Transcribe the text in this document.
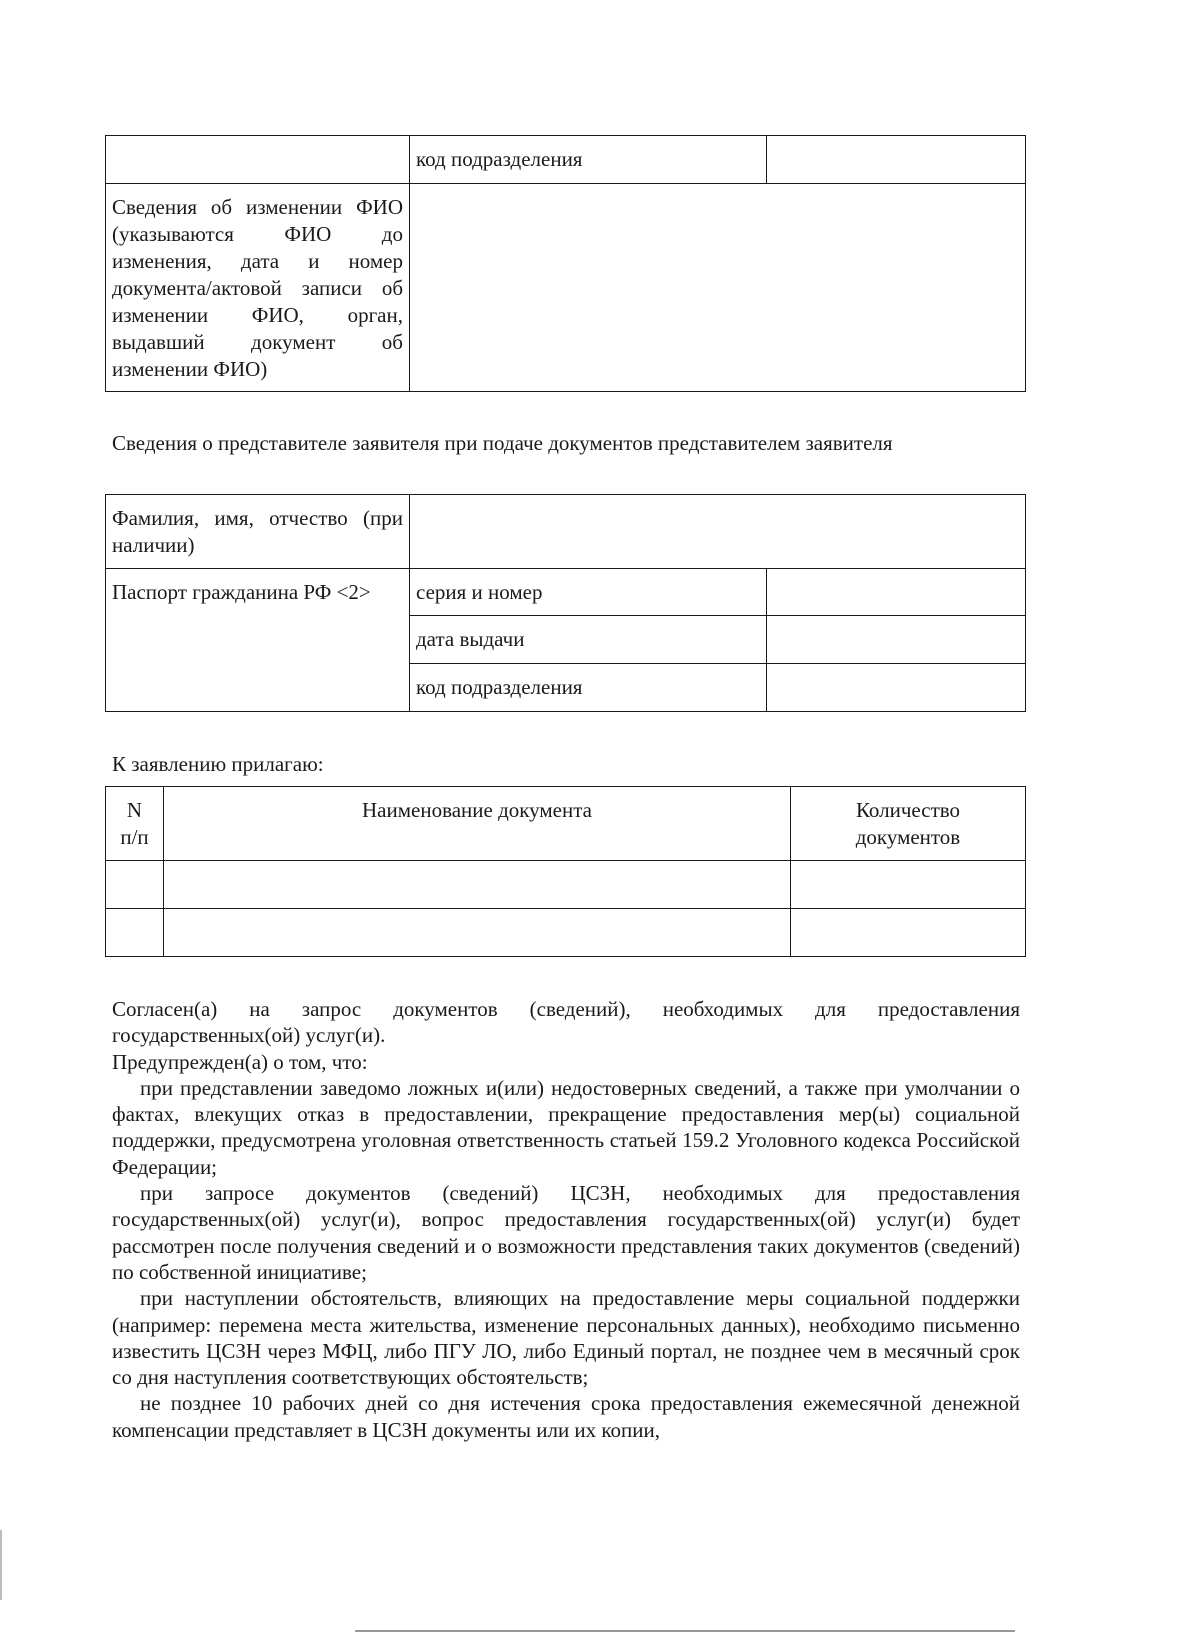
	код подразделения	
Сведения об изменении ФИО (указываются ФИО до изменения, дата и номер документа/актовой записи об изменении ФИО, орган, выдавший документ об изменении ФИО)		

Сведения о представителе заявителя при подаче документов представителем заявителя

Фамилия, имя, отчество (при наличии)		
Паспорт гражданина РФ <2>	серия и номер	
	дата выдачи	
	код подразделения	

К заявлению прилагаю:

N п/п	Наименование документа	Количество документов

Согласен(а) на запрос документов (сведений), необходимых для предоставления государственных(ой) услуг(и).

Предупрежден(а) о том, что:

при представлении заведомо ложных и(или) недостоверных сведений, а также при умолчании о фактах, влекущих отказ в предоставлении, прекращение предоставления мер(ы) социальной поддержки, предусмотрена уголовная ответственность статьей 159.2 Уголовного кодекса Российской Федерации;

при запросе документов (сведений) ЦСЗН, необходимых для предоставления государственных(ой) услуг(и), вопрос предоставления государственных(ой) услуг(и) будет рассмотрен после получения сведений и о возможности представления таких документов (сведений) по собственной инициативе;

при наступлении обстоятельств, влияющих на предоставление меры социальной поддержки (например: перемена места жительства, изменение персональных данных), необходимо письменно известить ЦСЗН через МФЦ, либо ПГУ ЛО, либо Единый портал, не позднее чем в месячный срок со дня наступления соответствующих обстоятельств;

не позднее 10 рабочих дней со дня истечения срока предоставления ежемесячной денежной компенсации представляет в ЦСЗН документы или их копии,
